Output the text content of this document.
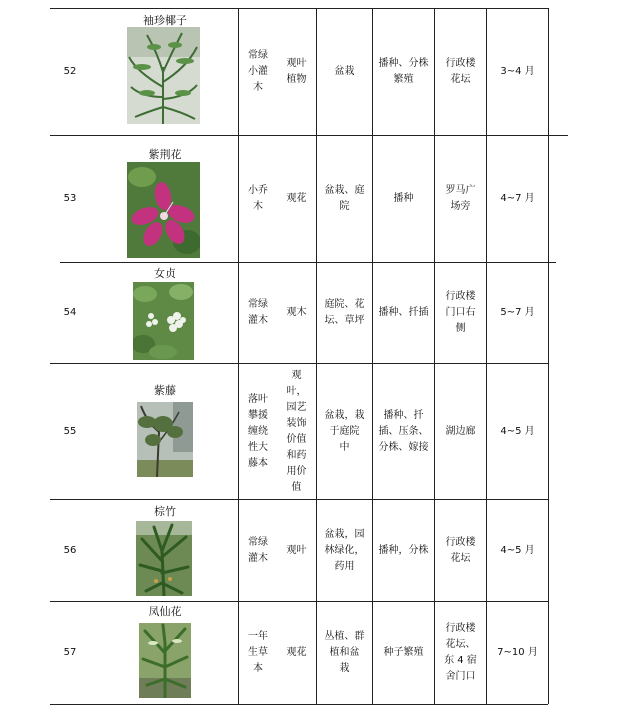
52
袖珍椰子
常绿
小灌
木
观叶
植物
盆栽
播种、分株
繁殖
行政楼
花坛
3~4 月
53
紫荆花
小乔
木
观花
盆栽、庭
院
播种
罗马广
场旁
4~7 月
54
女贞
常绿
灌木
观木
庭院、花
坛、草坪
播种、扦插
行政楼
门口右
侧
5~7 月
55
紫藤
落叶
攀援
缠绕
性大
藤本
观
叶，
园艺
装饰
价值
和药
用价
值
盆栽，栽
于庭院
中
播种、扦
插、压条、
分株、嫁接
湖边廊	4~5 月
56
棕竹
常绿
灌木
观叶
盆栽，园
林绿化，
药用
播种，分株
行政楼
花坛
4~5 月
57
凤仙花
一年
生草
本
观花
丛植、群
植和盆
栽
种子繁殖
行政楼
花坛、
东 4 宿
舍门口
7~10 月
